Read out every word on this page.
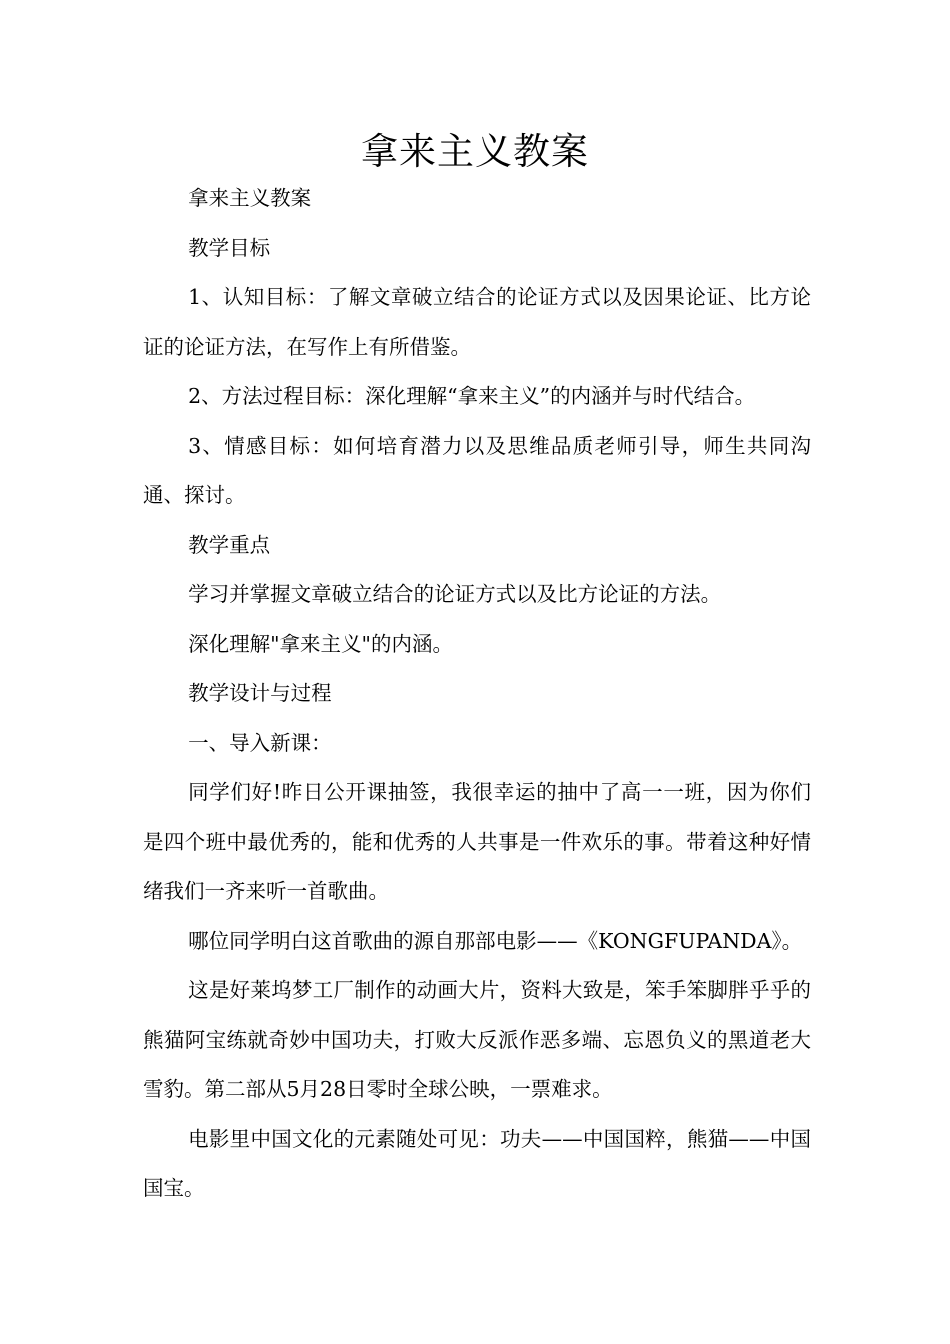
拿来主义教案

拿来主义教案

教学目标

1、认知目标：了解文章破立结合的论证方式以及因果论证、比方论证的论证方法，在写作上有所借鉴。

2、方法过程目标：深化理解“拿来主义”的内涵并与时代结合。

3、情感目标：如何培育潜力以及思维品质老师引导，师生共同沟通、探讨。

教学重点

学习并掌握文章破立结合的论证方式以及比方论证的方法。

深化理解"拿来主义"的内涵。

教学设计与过程

一、导入新课：

同学们好!昨日公开课抽签，我很幸运的抽中了高一一班，因为你们是四个班中最优秀的，能和优秀的人共事是一件欢乐的事。带着这种好情绪我们一齐来听一首歌曲。

哪位同学明白这首歌曲的源自那部电影——《KONGFUPANDA》。

这是好莱坞梦工厂制作的动画大片，资料大致是，笨手笨脚胖乎乎的熊猫阿宝练就奇妙中国功夫，打败大反派作恶多端、忘恩负义的黑道老大雪豹。第二部从5月28日零时全球公映，一票难求。

电影里中国文化的元素随处可见：功夫——中国国粹，熊猫——中国国宝。
